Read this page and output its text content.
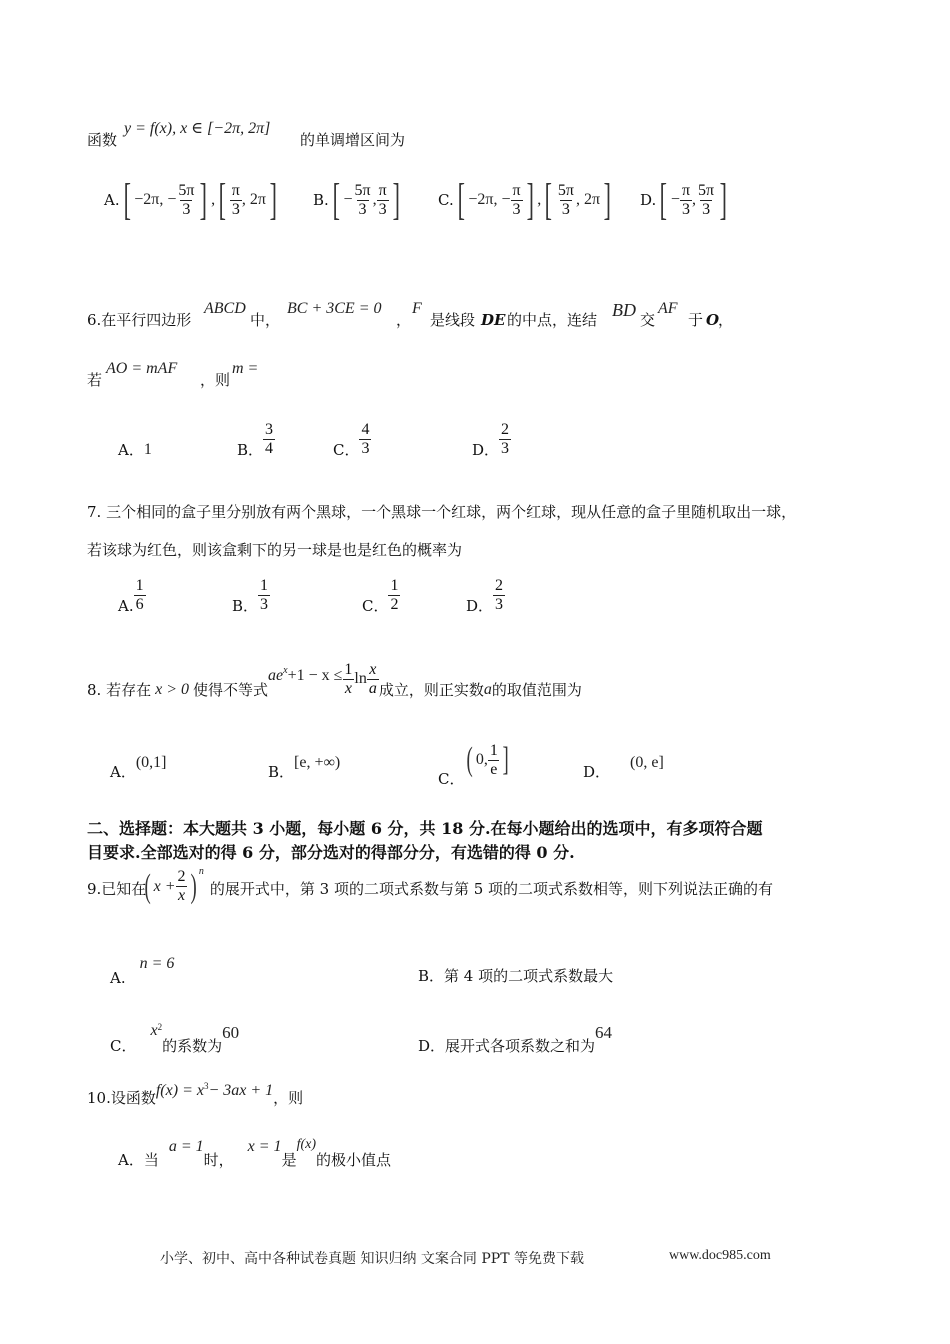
函数
y = f(x), x ∈ [−2π, 2π]
的单调增区间为
A. [ −2π, − $\frac{5\pi}{3}$ ] , [ $\frac{\pi}{3}$ , 2π ] B. [ − $\frac{5\pi}{3}$ , $\frac{\pi}{3}$ ]	C. [ −2π, − $\frac{\pi}{3}$ ] , [ $\frac{5\pi}{3}$ , 2π ] D. [ − $\frac{\pi}{3}$ , $\frac{5\pi}{3}$ ]
6.在平行四边形
ABCD
中，
BC + 3CE = 0
，
F
是线段 DE 的中点，连结 BD 交
AF
于 O
，
若
AO = mAF
，则
m =
A． 1	B． $\frac{3}{4}$	C． $\frac{4}{3}$	D． $\frac{2}{3}$
7. 三个相同的盒子里分别放有两个黑球，一个黑球一个红球，两个红球，现从任意的盒子里随机取出一球，
若该球为红色，则该盒剩下的另一球是也是红色的概率为
A. $\frac{1}{6}$	B． $\frac{1}{3}$	C． $\frac{1}{2}$	D． $\frac{2}{3}$
8. 若存在 x > 0 使得不等式
$ae^x +1 - x \le \frac{1}{x}$ $\ln \frac{x}{a}$ 成立，则正实数 a 的取值范围为
A．
(0,1]
B．
[e, +∞)
C．
( 0, $\frac{1}{e}$ ]	D．
(0, e]
二、选择题：本大题共 3 小题，每小题 6 分，共 18 分.在每小题给出的选项中，有多项符合题
目要求.全部选对的得 6 分，部分选对的得部分分，有选错的得 0 分.
9.已知在
( $x + \frac{2}{x}$ ) $^n$
的展开式中，第 3 项的二项式系数与第 5 项的二项式系数相等，则下列说法正确的有
A.
n = 6
B． 第 4 项的二项式系数最大
C．
$x^2$
的系数为
60
D． 展开式各项系数之和为
64
10.设函数 $f(x) = x^3 - 3ax + 1$ ，则
A．当
a = 1
时，
x = 1
是
f(x)
的极小值点
小学、初中、高中各种试卷真题 知识归纳 文案合同 PPT 等免费下载	www.doc985.com
